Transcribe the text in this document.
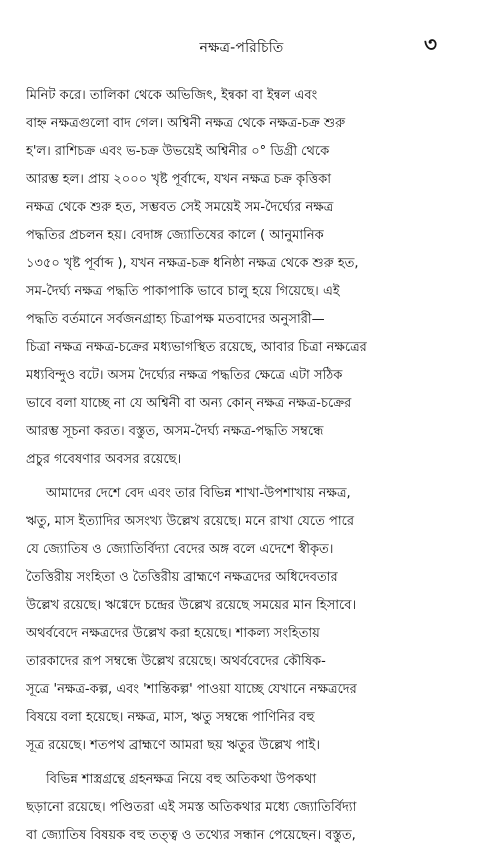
নক্ষত্র-পরিচিতি	৩
মিনিট করে। তালিকা থেকে অভিজিৎ, ইন্বকা বা ইন্বল এবং
বাহ্ন নক্ষত্রগুলো বাদ গেল। অশ্বিনী নক্ষত্র থেকে নক্ষত্র-চক্র শুরু
হ'ল। রাশিচক্র এবং ভ-চক্র উভয়েই অশ্বিনীর ০° ডিগ্রী থেকে
আরম্ভ হল। প্রায় ২০০০ খৃষ্ট পূর্বাব্দে, যখন নক্ষত্র চক্র কৃত্তিকা
নক্ষত্র থেকে শুরু হত, সম্ভবত সেই সময়েই সম-দৈর্ঘ্যের নক্ষত্র
পদ্ধতির প্রচলন হয়। বেদাঙ্গ জ্যোতিষের কালে ( আনুমানিক
১৩৫০ খৃষ্ট পূর্বাব্দ ), যখন নক্ষত্র-চক্র ধনিষ্ঠা নক্ষত্র থেকে শুরু হত,
সম-দৈর্ঘ্য নক্ষত্র পদ্ধতি পাকাপাকি ভাবে চালু হয়ে গিয়েছে। এই
পদ্ধতি বর্তমানে সর্বজনগ্রাহ্য চিত্রাপক্ষ মতবাদের অনুসারী—
চিত্রা নক্ষত্র নক্ষত্র-চক্রের মধ্যভাগস্থিত রয়েছে, আবার চিত্রা নক্ষত্রের
মধ্যবিন্দুও বটে। অসম দৈর্ঘ্যের নক্ষত্র পদ্ধতির ক্ষেত্রে এটা সঠিক
ভাবে বলা যাচ্ছে না যে অশ্বিনী বা অন্য কোন্ নক্ষত্র নক্ষত্র-চক্রের
আরম্ভ সূচনা করত। বস্তুত, অসম-দৈর্ঘ্য নক্ষত্র-পদ্ধতি সম্বন্ধে
প্রচুর গবেষণার অবসর রয়েছে।
আমাদের দেশে বেদ এবং তার বিভিন্ন শাখা-উপশাখায় নক্ষত্র,
ঋতু, মাস ইত্যাদির অসংখ্য উল্লেখ রয়েছে। মনে রাখা যেতে পারে
যে জ্যোতিষ ও জ্যোতির্বিদ্যা বেদের অঙ্গ বলে এদেশে স্বীকৃত।
তৈত্তিরীয় সংহিতা ও তৈত্তিরীয় ব্রাহ্মণে নক্ষত্রদের অধিদেবতার
উল্লেখ রয়েছে। ঋগ্বেদে চন্দ্রের উল্লেখ রয়েছে সময়ের মান হিসাবে।
অথর্ববেদে নক্ষত্রদের উল্লেখ করা হয়েছে। শাকল্য সংহিতায়
তারকাদের রূপ সম্বন্ধে উল্লেখ রয়েছে। অথর্ববেদের কৌষিক-
সূত্রে 'নক্ষত্র-কল্প, এবং 'শান্তিকল্প' পাওয়া যাচ্ছে যেখানে নক্ষত্রদের
বিষয়ে বলা হয়েছে। নক্ষত্র, মাস, ঋতু সম্বন্ধে পাণিনির বহু
সূত্র রয়েছে। শতপথ ব্রাহ্মণে আমরা ছয় ঋতুর উল্লেখ পাই।
বিভিন্ন শাস্ত্রগ্রন্থে গ্রহনক্ষত্র নিয়ে বহু অতিকথা উপকথা
ছড়ানো রয়েছে। পণ্ডিতরা এই সমস্ত অতিকথার মধ্যে জ্যোতির্বিদ্যা
বা জ্যোতিষ বিষয়ক বহু তত্ত্ব ও তথ্যের সন্ধান পেয়েছেন। বস্তুত,
